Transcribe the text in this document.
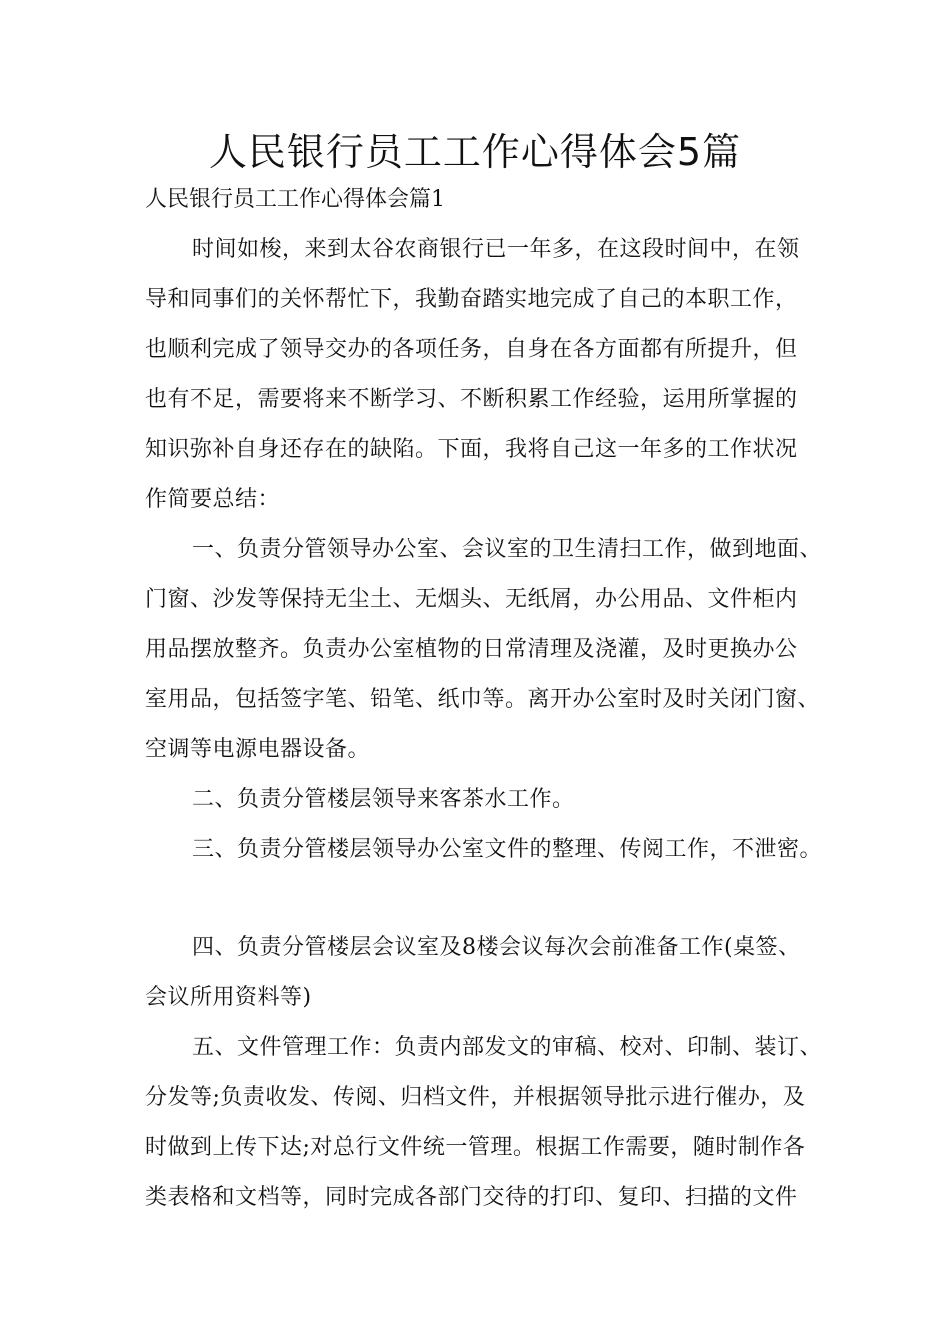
人民银行员工工作心得体会5篇

人民银行员工工作心得体会篇1

时间如梭，来到太谷农商银行已一年多，在这段时间中，在领

导和同事们的关怀帮忙下，我勤奋踏实地完成了自己的本职工作，

也顺利完成了领导交办的各项任务，自身在各方面都有所提升，但

也有不足，需要将来不断学习、不断积累工作经验，运用所掌握的

知识弥补自身还存在的缺陷。下面，我将自己这一年多的工作状况

作简要总结：

一、负责分管领导办公室、会议室的卫生清扫工作，做到地面、

门窗、沙发等保持无尘土、无烟头、无纸屑，办公用品、文件柜内

用品摆放整齐。负责办公室植物的日常清理及浇灌，及时更换办公

室用品，包括签字笔、铅笔、纸巾等。离开办公室时及时关闭门窗、

空调等电源电器设备。

二、负责分管楼层领导来客茶水工作。

三、负责分管楼层领导办公室文件的整理、传阅工作，不泄密。

四、负责分管楼层会议室及8楼会议每次会前准备工作(桌签、

会议所用资料等)

五、文件管理工作：负责内部发文的审稿、校对、印制、装订、

分发等;负责收发、传阅、归档文件，并根据领导批示进行催办，及

时做到上传下达;对总行文件统一管理。根据工作需要，随时制作各

类表格和文档等，同时完成各部门交待的打印、复印、扫描的文件
